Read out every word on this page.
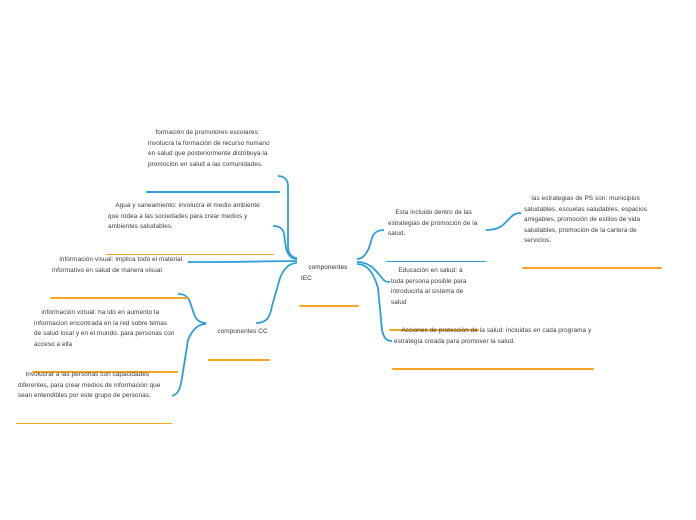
componentes IEC

formación de promotores escolares: involucra la formación de recurso humano en salud que posteriormente distribuya la promoción en salud a las comunidades.

Agua y saneamiento: involucra el medio ambiente que rodea a las sociedades para crear medios y ambientes saludables.

información visual: implica todo el material informativo en salud de manera visual

información virtual: ha ido en aumento la informacion encontrada en la red sobre temas de salud local y en el mundo. para personas con acceso a ella

componentes CC

Involucrar a las personas con capacidades diferentes, para crear medios de información que sean entendibles por este grupo de personas.

Esta incluido dentro de las estrategias de promoción de la salud.

las estrategias de PS son: municipios saludables, escuelas saludables, espacios amigables, promoción de estilos de vida saludables, promoción de la cartera de servicios.

Educación en salud: a toda persona posible para introducirla al sistema de salud

Acciones de protección de la salud: incluidas en cada programa y estrategia creada para promover la salud.
